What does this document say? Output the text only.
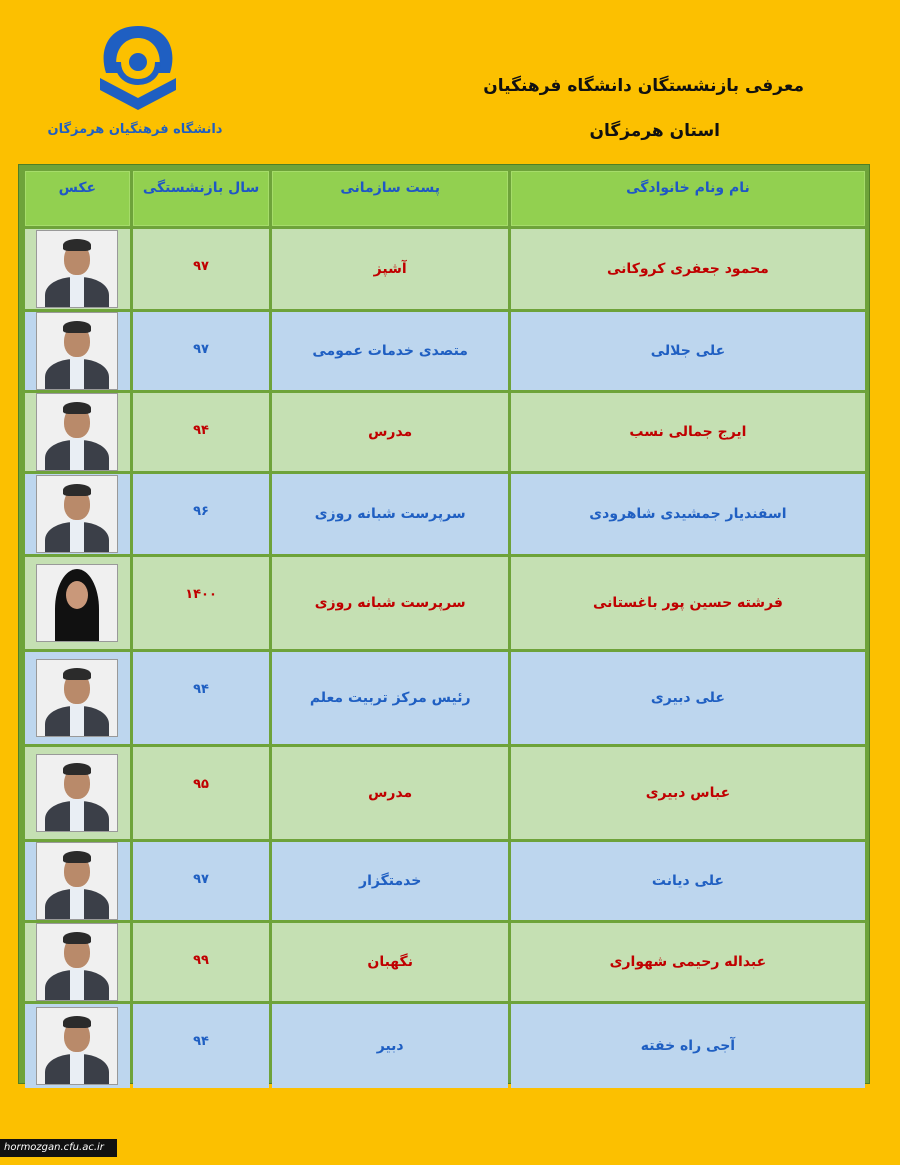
دانشگاه فرهنگیان هرمزگان
معرفی بازنشستگان دانشگاه فرهنگیان
استان هرمزگان
نام ونام خانوادگی	پست سازمانی	سال بازنشستگی	عکس
محمود جعفری کروکانی	آشپز	۹۷	

علی جلالی	متصدی خدمات عمومی	۹۷	

ایرج جمالی نسب	مدرس	۹۴	

اسفندیار جمشیدی شاهرودی	سرپرست شبانه روزی	۹۶	

فرشته حسین پور باغستانی	سرپرست شبانه روزی	۱۴۰۰	

علی دبیری	رئیس مرکز تربیت معلم	۹۴	

عباس دبیری	مدرس	۹۵	

علی دیانت	خدمتگزار	۹۷	

عبداله رحیمی شهواری	نگهبان	۹۹	

آجی راه خفته	دبیر	۹۴	
hormozgan.cfu.ac.ir
